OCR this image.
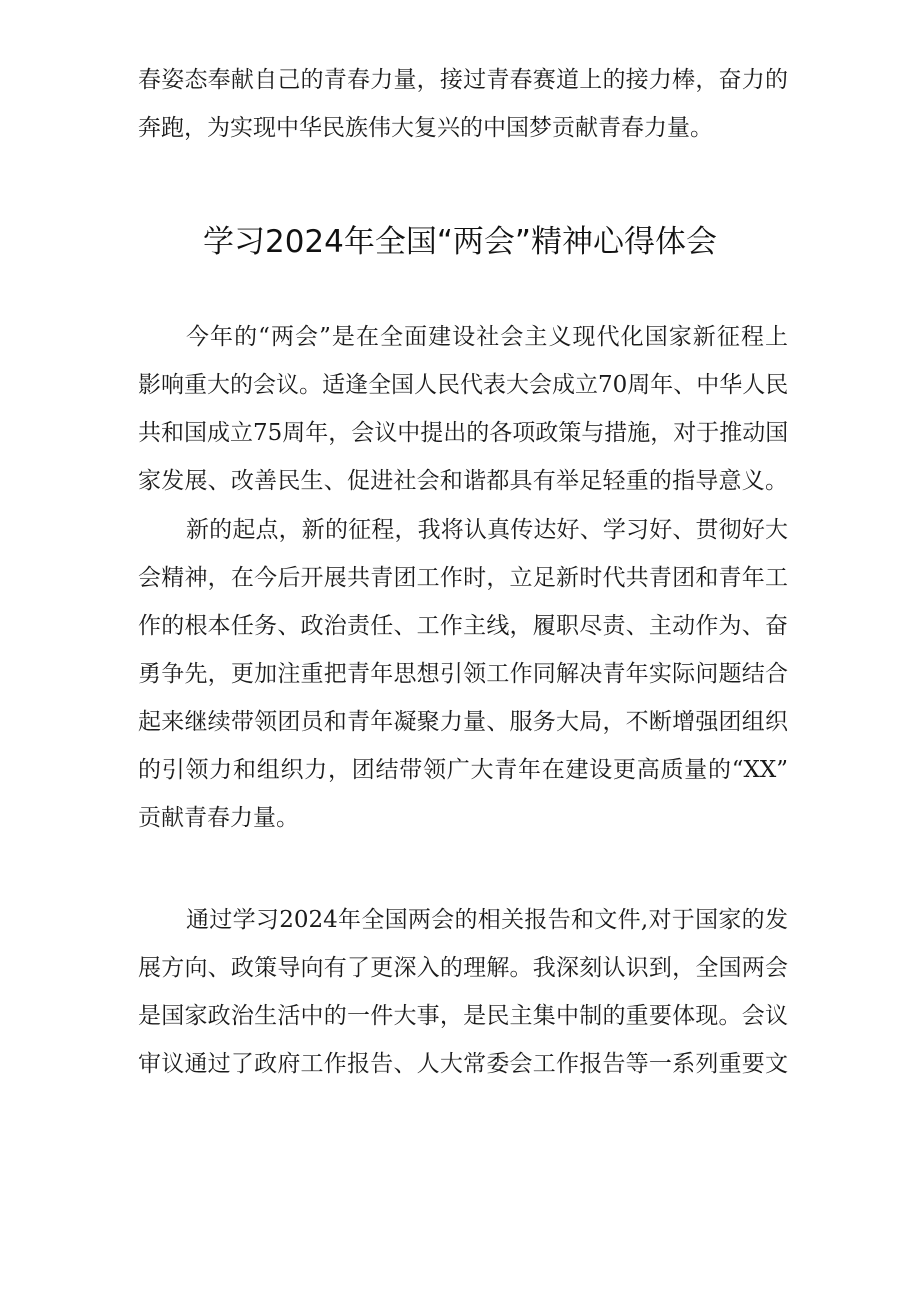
春姿态奉献自己的青春力量，接过青春赛道上的接力棒，奋力的
奔跑，为实现中华民族伟大复兴的中国梦贡献青春力量。
学习2024年全国“两会”精神心得体会
今年的“两会”是在全面建设社会主义现代化国家新征程上
影响重大的会议。适逢全国人民代表大会成立70周年、中华人民
共和国成立75周年，会议中提出的各项政策与措施，对于推动国
家发展、改善民生、促进社会和谐都具有举足轻重的指导意义。
新的起点，新的征程，我将认真传达好、学习好、贯彻好大
会精神，在今后开展共青团工作时，立足新时代共青团和青年工
作的根本任务、政治责任、工作主线，履职尽责、主动作为、奋
勇争先，更加注重把青年思想引领工作同解决青年实际问题结合
起来继续带领团员和青年凝聚力量、服务大局，不断增强团组织
的引领力和组织力，团结带领广大青年在建设更高质量的“XX”
贡献青春力量。
通过学习2024年全国两会的相关报告和文件,对于国家的发
展方向、政策导向有了更深入的理解。我深刻认识到，全国两会
是国家政治生活中的一件大事，是民主集中制的重要体现。会议
审议通过了政府工作报告、人大常委会工作报告等一系列重要文
